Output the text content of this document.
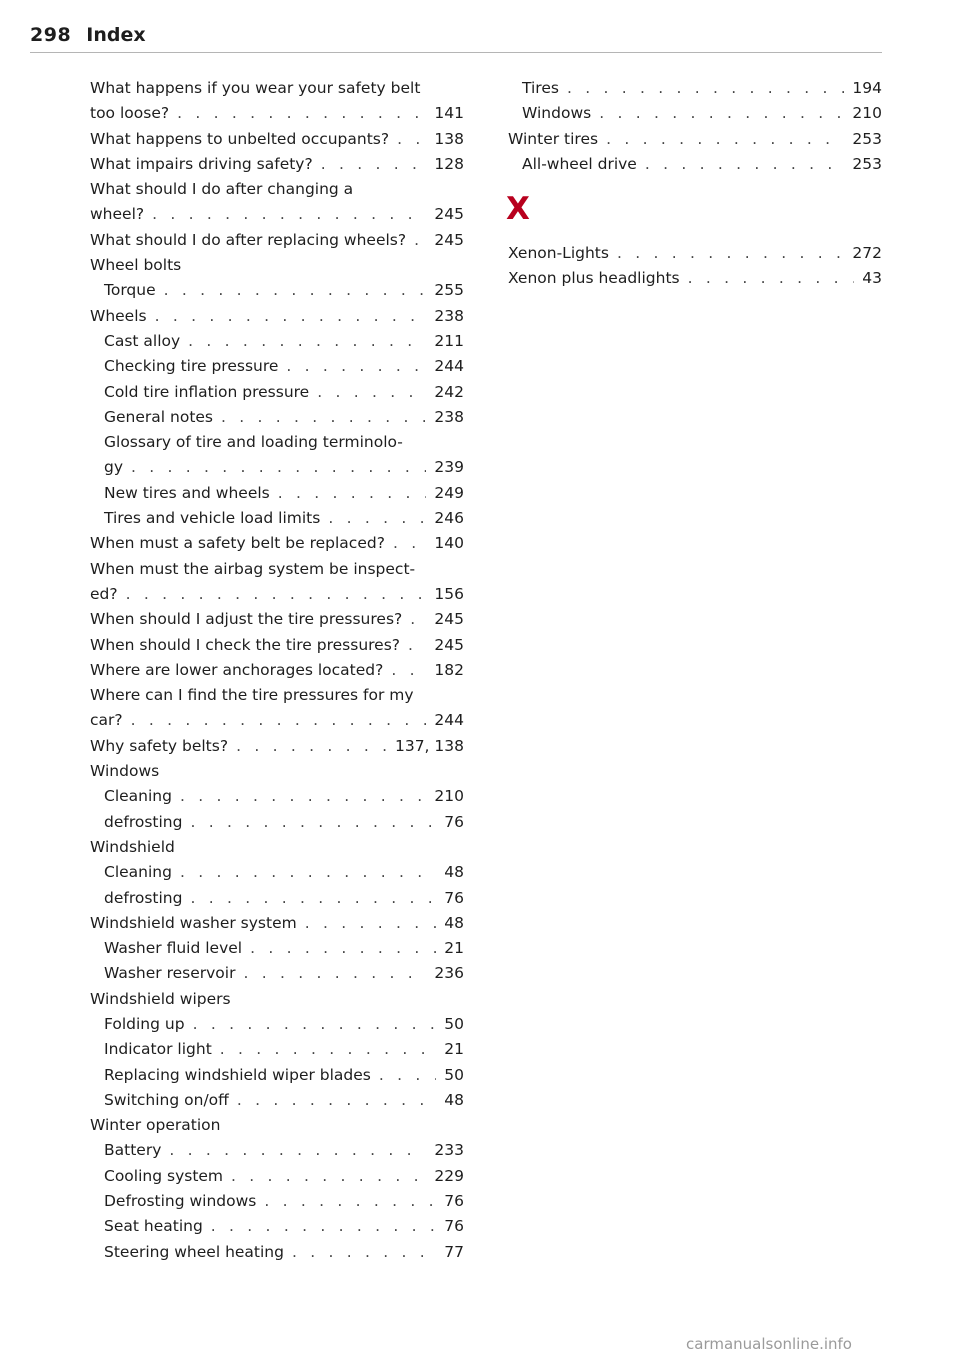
298 Index
What happens if you wear your safety belt
too loose? . . .	141
What happens to unbelted occupants? . . .	138
What impairs driving safety? . . .	128
What should I do after changing a
wheel? . . .	245
What should I do after replacing wheels? . . . 245
Wheel bolts
Torque . . .	255
Wheels . . .	238
Cast alloy . . .	211
Checking tire pressure . . .	244
Cold tire inflation pressure . . .	242
General notes . . .	238
Glossary of tire and loading terminolo-
gy . . .	239
New tires and wheels . . .	249
Tires and vehicle load limits . . .	246
When must a safety belt be replaced? . . .	140
When must the airbag system be inspect-
ed? . . .	156
When should I adjust the tire pressures? . . . 245
When should I check the tire pressures? . . . 245
Where are lower anchorages located? . . .	182
Where can I find the tire pressures for my
car? . . .	244
Why safety belts? . . .	137, 138
Windows
Cleaning . . .	210
defrosting . . .	76
Windshield
Cleaning . . .	48
defrosting . . .	76
Windshield washer system . . .	48
Washer fluid level . . .	21
Washer reservoir . . .	236
Windshield wipers
Folding up . . .	50
Indicator light . . .	21
Replacing windshield wiper blades . . .	50
Switching on/off . . .	48
Winter operation
Battery . . .	233
Cooling system . . .	229
Defrosting windows . . .	76
Seat heating . . .	76
Steering wheel heating . . .	77
Tires . . .	194
Windows . . .	210
Winter tires . . .	253
All-wheel drive . . .	253
X
Xenon-Lights . . .	272
Xenon plus headlights . . .	43
carmanualsonline.info
